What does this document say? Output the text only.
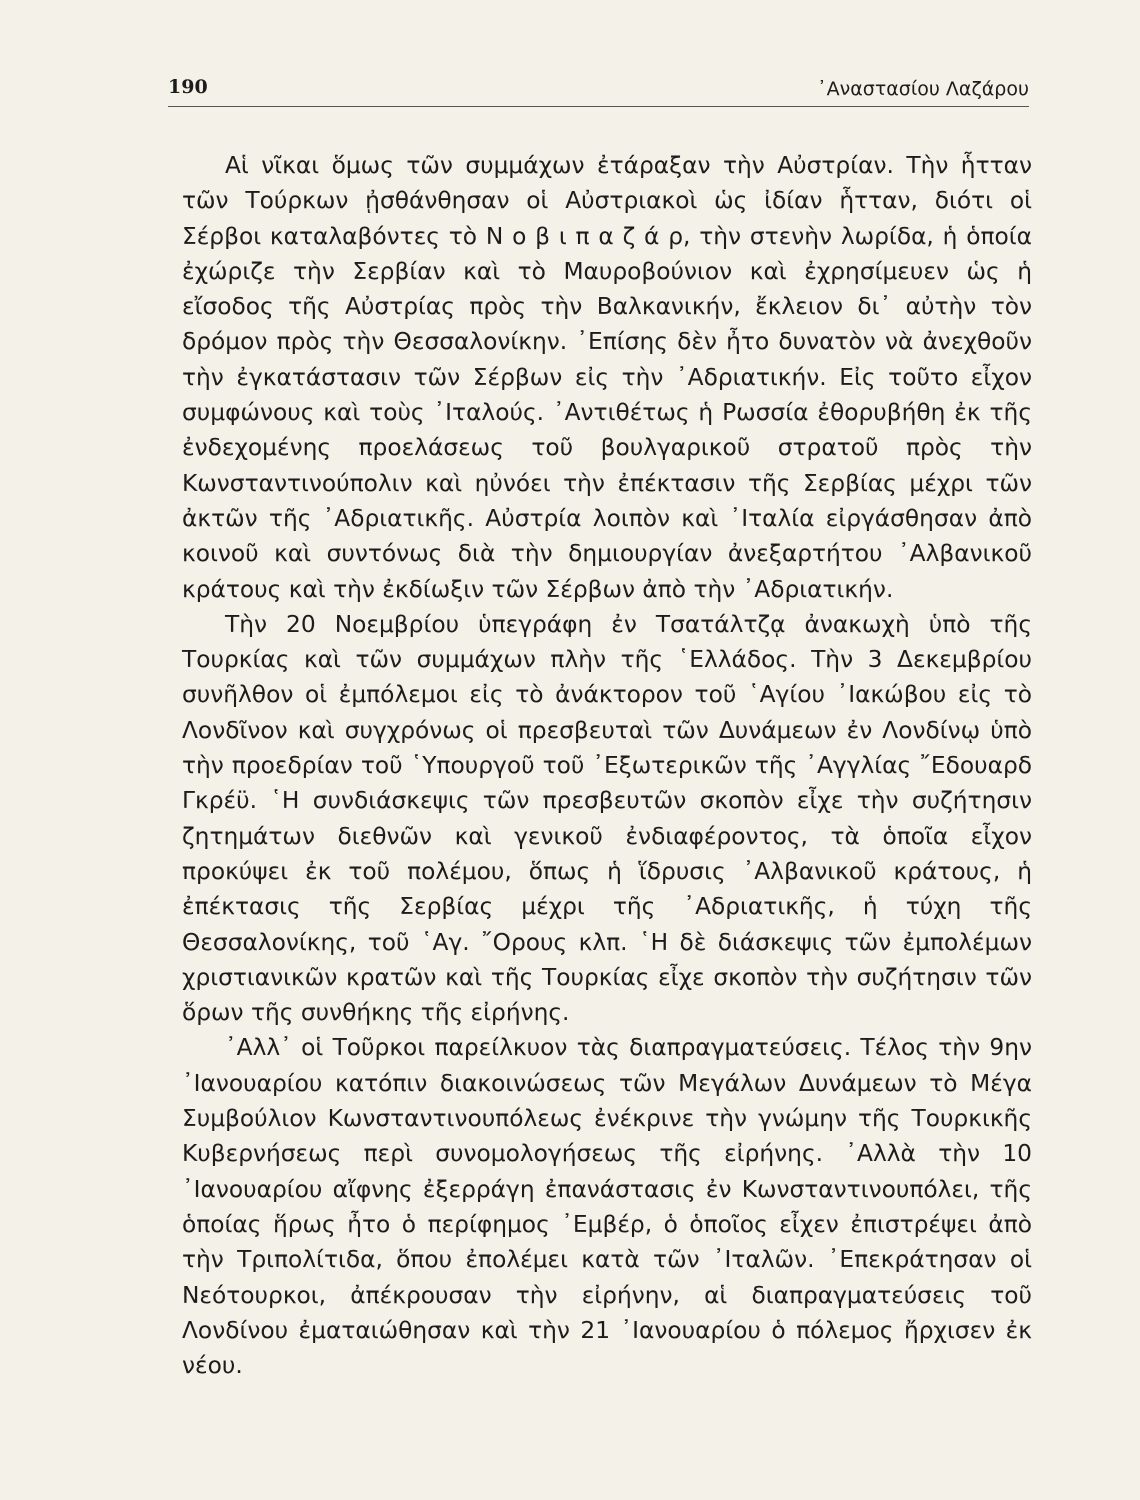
190	᾿Αναστασίου Λαζάρου

Αἱ νῖκαι ὅμως τῶν συμμάχων ἐτάραξαν τὴν Αὐστρίαν. Τὴν ἧτταν τῶν Τούρκων ᾐσθάνθησαν οἱ Αὐστριακοὶ ὡς ἰδίαν ἧτταν, διότι οἱ Σέρβοι καταλαβόντες τὸ Ν ο β ι π α ζ ά ρ, τὴν στενὴν λωρίδα, ἡ ὁποία ἐχώριζε τὴν Σερβίαν καὶ τὸ Μαυροβούνιον καὶ ἐχρησίμευεν ὡς ἡ εἴσοδος τῆς Αὐστρίας πρὸς τὴν Βαλκανικήν, ἔκλειον δι᾿ αὐτὴν τὸν δρόμον πρὸς τὴν Θεσσαλονίκην. ᾿Επίσης δὲν ἦτο δυνατὸν νὰ ἀνεχθοῦν τὴν ἐγκατάστασιν τῶν Σέρβων εἰς τὴν ᾿Αδριατικήν. Εἰς τοῦτο εἶχον συμφώνους καὶ τοὺς ᾿Ιταλούς. ᾿Αντιθέτως ἡ Ρωσσία ἐθορυβήθη ἐκ τῆς ἐνδεχομένης προελάσεως τοῦ βουλγαρικοῦ στρατοῦ πρὸς τὴν Κωνσταντινούπολιν καὶ ηὐνόει τὴν ἐπέκτασιν τῆς Σερβίας μέχρι τῶν ἀκτῶν τῆς ᾿Αδριατικῆς. Αὐστρία λοιπὸν καὶ ᾿Ιταλία εἰργάσθησαν ἀπὸ κοινοῦ καὶ συντόνως διὰ τὴν δημιουργίαν ἀνεξαρτήτου ᾿Αλβανικοῦ κράτους καὶ τὴν ἐκδίωξιν τῶν Σέρβων ἀπὸ τὴν ᾿Αδριατικήν.

Τὴν 20 Νοεμβρίου ὑπεγράφη ἐν Τσατάλτζᾳ ἀνακωχὴ ὑπὸ τῆς Τουρκίας καὶ τῶν συμμάχων πλὴν τῆς ῾Ελλάδος. Τὴν 3 Δεκεμβρίου συνῆλθον οἱ ἐμπόλεμοι εἰς τὸ ἀνάκτορον τοῦ ῾Αγίου ᾿Ιακώβου εἰς τὸ Λονδῖνον καὶ συγχρόνως οἱ πρεσβευταὶ τῶν Δυνάμεων ἐν Λονδίνῳ ὑπὸ τὴν προεδρίαν τοῦ ῾Υπουργοῦ τοῦ ᾿Εξωτερικῶν τῆς ᾿Αγγλίας ῎Εδουαρδ Γκρέϋ. ῾Η συνδιάσκεψις τῶν πρεσβευτῶν σκοπὸν εἶχε τὴν συζήτησιν ζητημάτων διεθνῶν καὶ γενικοῦ ἐνδιαφέροντος, τὰ ὁποῖα εἶχον προκύψει ἐκ τοῦ πολέμου, ὅπως ἡ ἵδρυσις ᾿Αλβανικοῦ κράτους, ἡ ἐπέκτασις τῆς Σερβίας μέχρι τῆς ᾿Αδριατικῆς, ἡ τύχη τῆς Θεσσαλονίκης, τοῦ ῾Αγ. ῎Ορους κλπ. ῾Η δὲ διάσκεψις τῶν ἐμπολέμων χριστιανικῶν κρατῶν καὶ τῆς Τουρκίας εἶχε σκοπὸν τὴν συζήτησιν τῶν ὅρων τῆς συνθήκης τῆς εἰρήνης.

᾿Αλλ᾿ οἱ Τοῦρκοι παρείλκυον τὰς διαπραγματεύσεις. Τέλος τὴν 9ην ᾿Ιανουαρίου κατόπιν διακοινώσεως τῶν Μεγάλων Δυνάμεων τὸ Μέγα Συμβούλιον Κωνσταντινουπόλεως ἐνέκρινε τὴν γνώμην τῆς Τουρκικῆς Κυβερνήσεως περὶ συνομολογήσεως τῆς εἰρήνης. ᾿Αλλὰ τὴν 10 ᾿Ιανουαρίου αἴφνης ἐξερράγη ἐπανάστασις ἐν Κωνσταντινουπόλει, τῆς ὁποίας ἥρως ἦτο ὁ περίφημος ᾿Εμβέρ, ὁ ὁποῖος εἶχεν ἐπιστρέψει ἀπὸ τὴν Τριπολίτιδα, ὅπου ἐπολέμει κατὰ τῶν ᾿Ιταλῶν. ᾿Επεκράτησαν οἱ Νεότουρκοι, ἀπέκρουσαν τὴν εἰρήνην, αἱ διαπραγματεύσεις τοῦ Λονδίνου ἐματαιώθησαν καὶ τὴν 21 ᾿Ιανουαρίου ὁ πόλεμος ἤρχισεν ἐκ νέου.
